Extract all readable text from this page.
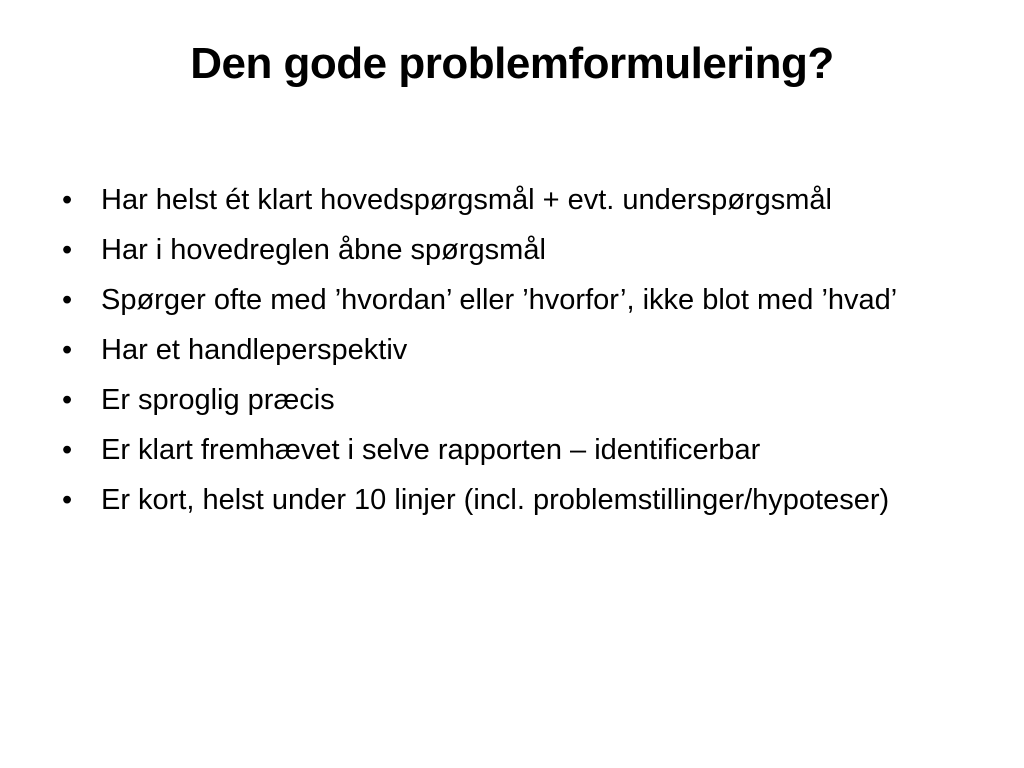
Den gode problemformulering?
• Har helst ét klart hovedspørgsmål + evt. underspørgsmål
• Har i hovedreglen åbne spørgsmål
• Spørger ofte med ’hvordan’ eller ’hvorfor’, ikke blot med ’hvad’
• Har et handleperspektiv
• Er sproglig præcis
• Er klart fremhævet i selve rapporten – identificerbar
• Er kort, helst under 10 linjer (incl. problemstillinger/hypoteser)
